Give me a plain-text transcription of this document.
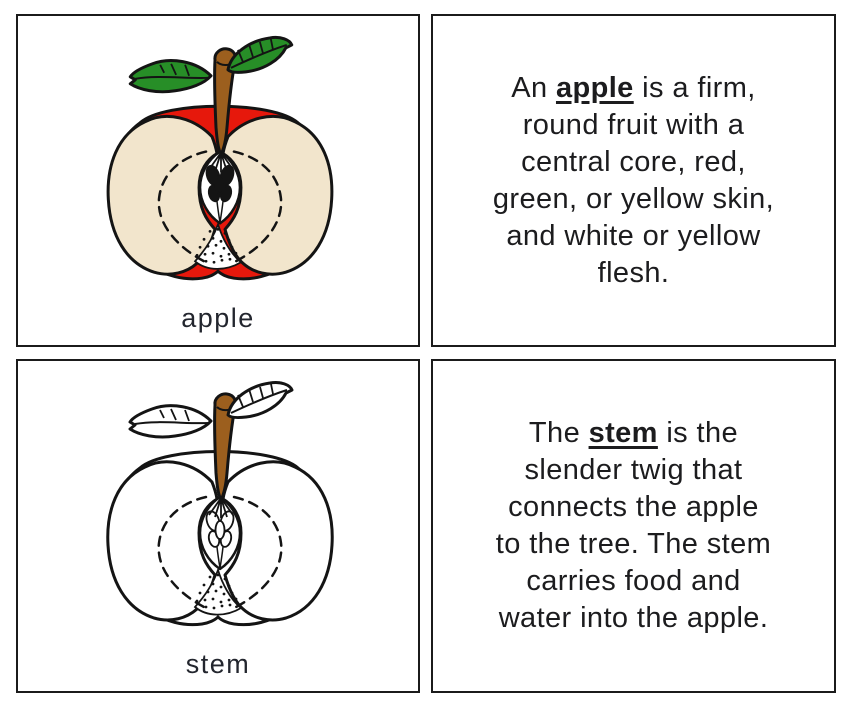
apple

An apple is a firm,
round fruit with a
central core, red,
green, or yellow skin,
and white or yellow
flesh.

stem

The stem is the
slender twig that
connects the apple
to the tree. The stem
carries food and
water into the apple.
